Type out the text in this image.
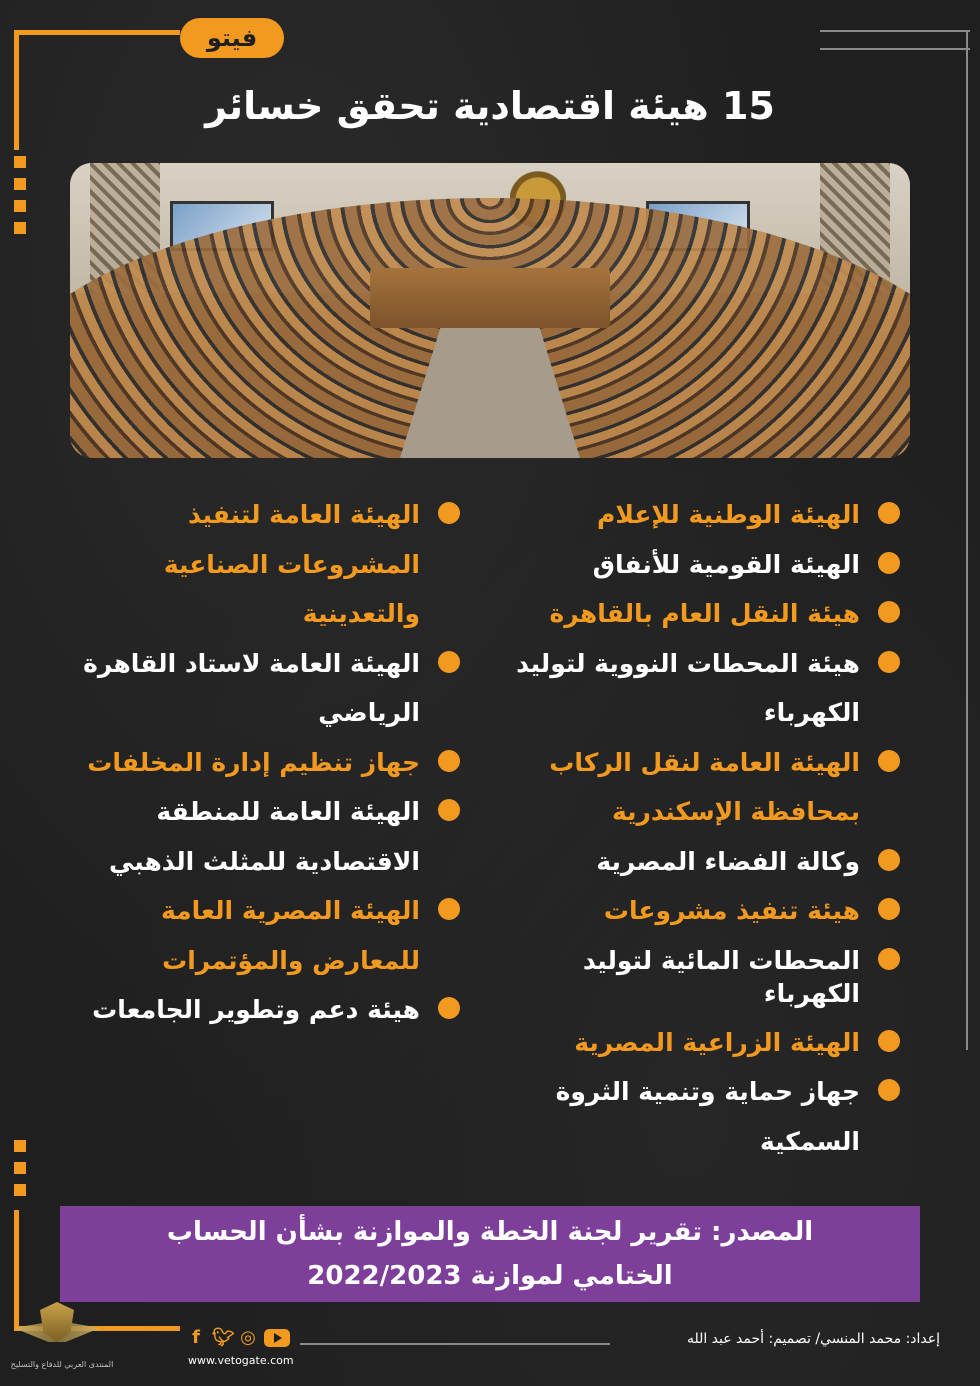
فيتو
15 هيئة اقتصادية تحقق خسائر
الهيئة الوطنية للإعلام
الهيئة القومية للأنفاق
هيئة النقل العام بالقاهرة
هيئة المحطات النووية لتوليد الكهرباء
الهيئة العامة لنقل الركاب بمحافظة الإسكندرية
وكالة الفضاء المصرية
هيئة تنفيذ مشروعات
المحطات المائية لتوليد الكهرباء
الهيئة الزراعية المصرية
جهاز حماية وتنمية الثروة السمكية
الهيئة العامة لتنفيذ المشروعات الصناعية والتعدينية
الهيئة العامة لاستاد القاهرة الرياضي
جهاز تنظيم إدارة المخلفات
الهيئة العامة للمنطقة الاقتصادية للمثلث الذهبي
الهيئة المصرية العامة للمعارض والمؤتمرات
هيئة دعم وتطوير الجامعات
المصدر: تقرير لجنة الخطة والموازنة بشأن الحساب
الختامي لموازنة 2022/2023
إعداد: محمد المنسي/ تصميم: أحمد عبد الله
f 🐦︎ ◎
www.vetogate.com
المنتدى العربي للدفاع والتسليح
